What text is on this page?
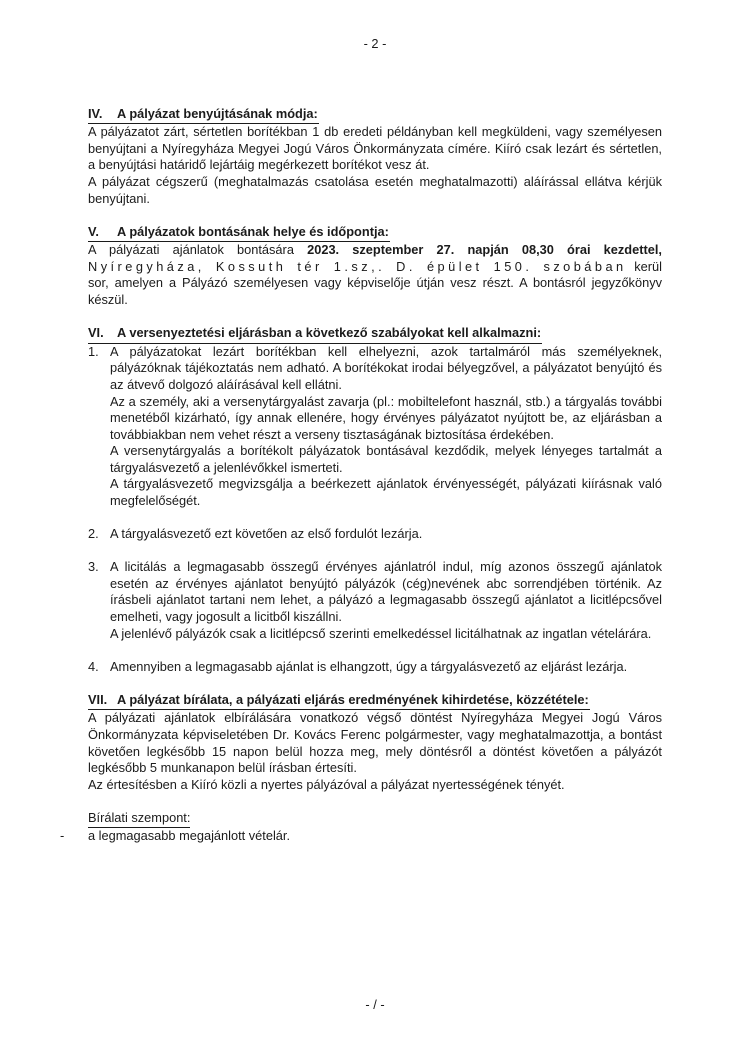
- 2 -
IV. A pályázat benyújtásának módja:

A pályázatot zárt, sértetlen borítékban 1 db eredeti példányban kell megküldeni, vagy személyesen benyújtani a Nyíregyháza Megyei Jogú Város Önkormányzata címére. Kiíró csak lezárt és sértetlen, a benyújtási határidő lejártáig megérkezett borítékot vesz át.

A pályázat cégszerű (meghatalmazás csatolása esetén meghatalmazotti) aláírással ellátva kérjük benyújtani.

V. A pályázatok bontásának helye és időpontja:
A pályázati ajánlatok bontására 2023. szeptember 27. napján 08,30 órai kezdettel,
Nyíregyháza, Kossuth tér 1.sz,. D. épület 150. szobában kerül
sor, amelyen a Pályázó személyesen vagy képviselője útján vesz részt. A bontásról jegyzőkönyv
készül.
VI. A versenyeztetési eljárásban a következő szabályokat kell alkalmazni:
1. A pályázatokat lezárt borítékban kell elhelyezni, azok tartalmáról más személyeknek, pályázóknak tájékoztatás nem adható. A borítékokat irodai bélyegzővel, a pályázatot benyújtó és az átvevő dolgozó aláírásával kell ellátni.

Az a személy, aki a versenytárgyalást zavarja (pl.: mobiltelefont használ, stb.) a tárgyalás további menetéből kizárható, így annak ellenére, hogy érvényes pályázatot nyújtott be, az eljárásban a továbbiakban nem vehet részt a verseny tisztaságának biztosítása érdekében.

A versenytárgyalás a borítékolt pályázatok bontásával kezdődik, melyek lényeges tartalmát a tárgyalásvezető a jelenlévőkkel ismerteti.

A tárgyalásvezető megvizsgálja a beérkezett ajánlatok érvényességét, pályázati kiírásnak való megfelelőségét.

2. A tárgyalásvezető ezt követően az első fordulót lezárja.

3. A licitálás a legmagasabb összegű érvényes ajánlatról indul, míg azonos összegű ajánlatok esetén az érvényes ajánlatot benyújtó pályázók (cég)nevének abc sorrendjében történik. Az írásbeli ajánlatot tartani nem lehet, a pályázó a legmagasabb összegű ajánlatot a licitlépcsővel emelheti, vagy jogosult a licitből kiszállni.

A jelenlévő pályázók csak a licitlépcső szerinti emelkedéssel licitálhatnak az ingatlan vételárára.

4. Amennyiben a legmagasabb ajánlat is elhangzott, úgy a tárgyalásvezető az eljárást lezárja.

VII. A pályázat bírálata, a pályázati eljárás eredményének kihirdetése, közzététele:

A pályázati ajánlatok elbírálására vonatkozó végső döntést Nyíregyháza Megyei Jogú Város Önkormányzata képviseletében Dr. Kovács Ferenc polgármester, vagy meghatalmazottja, a bontást követően legkésőbb 15 napon belül hozza meg, mely döntésről a döntést követően a pályázót legkésőbb 5 munkanapon belül írásban értesíti.

Az értesítésben a Kiíró közli a nyertes pályázóval a pályázat nyertességének tényét.

Bírálati szempont:
-	a legmagasabb megajánlott vételár.
- / -
